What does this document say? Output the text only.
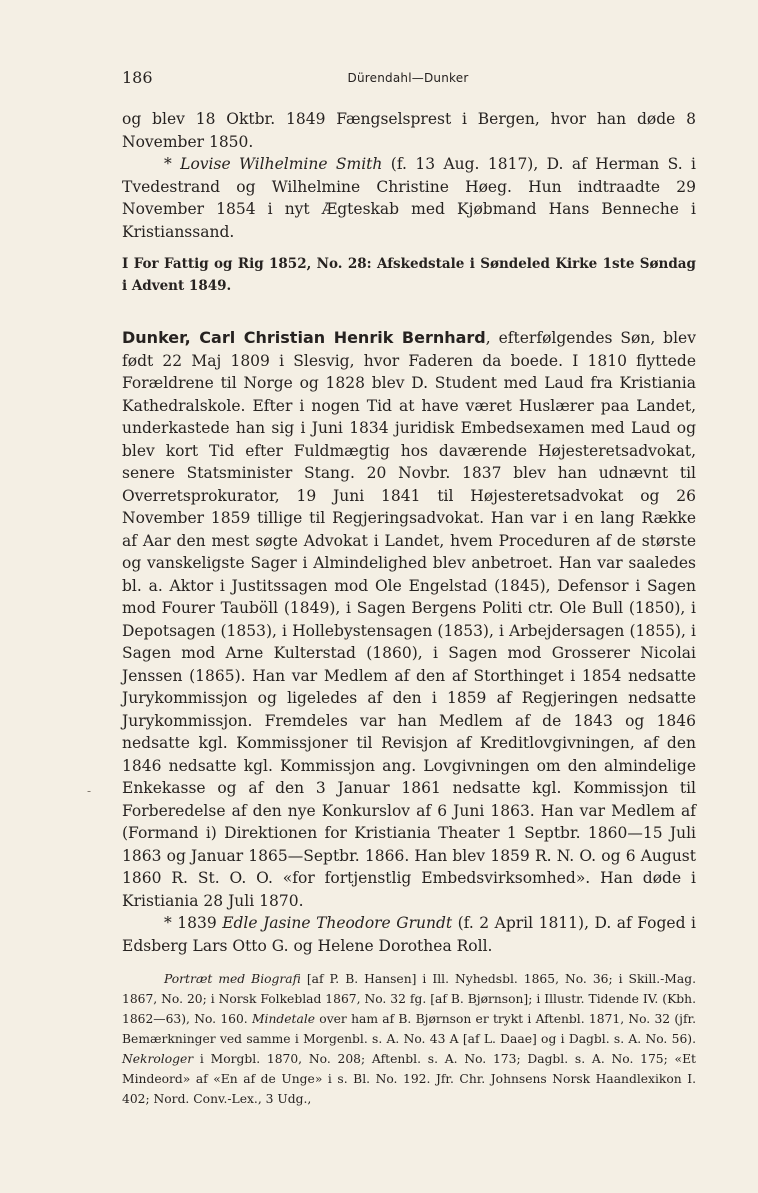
186	Dürendahl—Dunker

og blev 18 Oktbr. 1849 Fængselsprest i Bergen, hvor han døde 8 November 1850.

* Lovise Wilhelmine Smith (f. 13 Aug. 1817), D. af Herman S. i Tvedestrand og Wilhelmine Christine Høeg. Hun indtraadte 29 November 1854 i nyt Ægteskab med Kjøbmand Hans Benneche i Kristianssand.

I For Fattig og Rig 1852, No. 28: Afskedstale i Søndeled Kirke 1ste Søndag i Advent 1849.

Dunker, Carl Christian Henrik Bernhard, efterfølgendes Søn, blev født 22 Maj 1809 i Slesvig, hvor Faderen da boede. I 1810 flyttede Forældrene til Norge og 1828 blev D. Student med Laud fra Kristiania Kathedralskole. Efter i nogen Tid at have været Huslærer paa Landet, underkastede han sig i Juni 1834 juridisk Embedsexamen med Laud og blev kort Tid efter Fuldmægtig hos daværende Højesteretsadvokat, senere Statsminister Stang. 20 Novbr. 1837 blev han udnævnt til Overretsprokurator, 19 Juni 1841 til Højesteretsadvokat og 26 November 1859 tillige til Regjeringsadvokat. Han var i en lang Række af Aar den mest søgte Advokat i Landet, hvem Proceduren af de største og vanskeligste Sager i Almindelighed blev anbetroet. Han var saaledes bl. a. Aktor i Justitssagen mod Ole Engelstad (1845), Defensor i Sagen mod Fourer Tauböll (1849), i Sagen Bergens Politi ctr. Ole Bull (1850), i Depotsagen (1853), i Hollebystensagen (1853), i Arbejdersagen (1855), i Sagen mod Arne Kulterstad (1860), i Sagen mod Grosserer Nicolai Jenssen (1865). Han var Medlem af den af Storthinget i 1854 nedsatte Jurykommissjon og ligeledes af den i 1859 af Regjeringen nedsatte Jurykommissjon. Fremdeles var han Medlem af de 1843 og 1846 nedsatte kgl. Kommissjoner til Revisjon af Kreditlovgivningen, af den 1846 nedsatte kgl. Kommissjon ang. Lovgivningen om den almindelige Enkekasse og af den 3 Januar 1861 nedsatte kgl. Kommissjon til Forberedelse af den nye Konkurslov af 6 Juni 1863. Han var Medlem af (Formand i) Direktionen for Kristiania Theater 1 Septbr. 1860—15 Juli 1863 og Januar 1865—Septbr. 1866. Han blev 1859 R. N. O. og 6 August 1860 R. St. O. O. «for fortjenstlig Embedsvirksomhed». Han døde i Kristiania 28 Juli 1870.

* 1839 Edle Jasine Theodore Grundt (f. 2 April 1811), D. af Foged i Edsberg Lars Otto G. og Helene Dorothea Roll.

Portræt med Biografi [af P. B. Hansen] i Ill. Nyhedsbl. 1865, No. 36; i Skill.-Mag. 1867, No. 20; i Norsk Folkeblad 1867, No. 32 fg. [af B. Bjørnson]; i Illustr. Tidende IV. (Kbh. 1862—63), No. 160. Mindetale over ham af B. Bjørnson er trykt i Aftenbl. 1871, No. 32 (jfr. Bemærkninger ved samme i Morgenbl. s. A. No. 43 A [af L. Daae] og i Dagbl. s. A. No. 56). Nekrologer i Morgbl. 1870, No. 208; Aftenbl. s. A. No. 173; Dagbl. s. A. No. 175; «Et Mindeord» af «En af de Unge» i s. Bl. No. 192. Jfr. Chr. Johnsens Norsk Haandlexikon I. 402; Nord. Conv.-Lex., 3 Udg.,

-
